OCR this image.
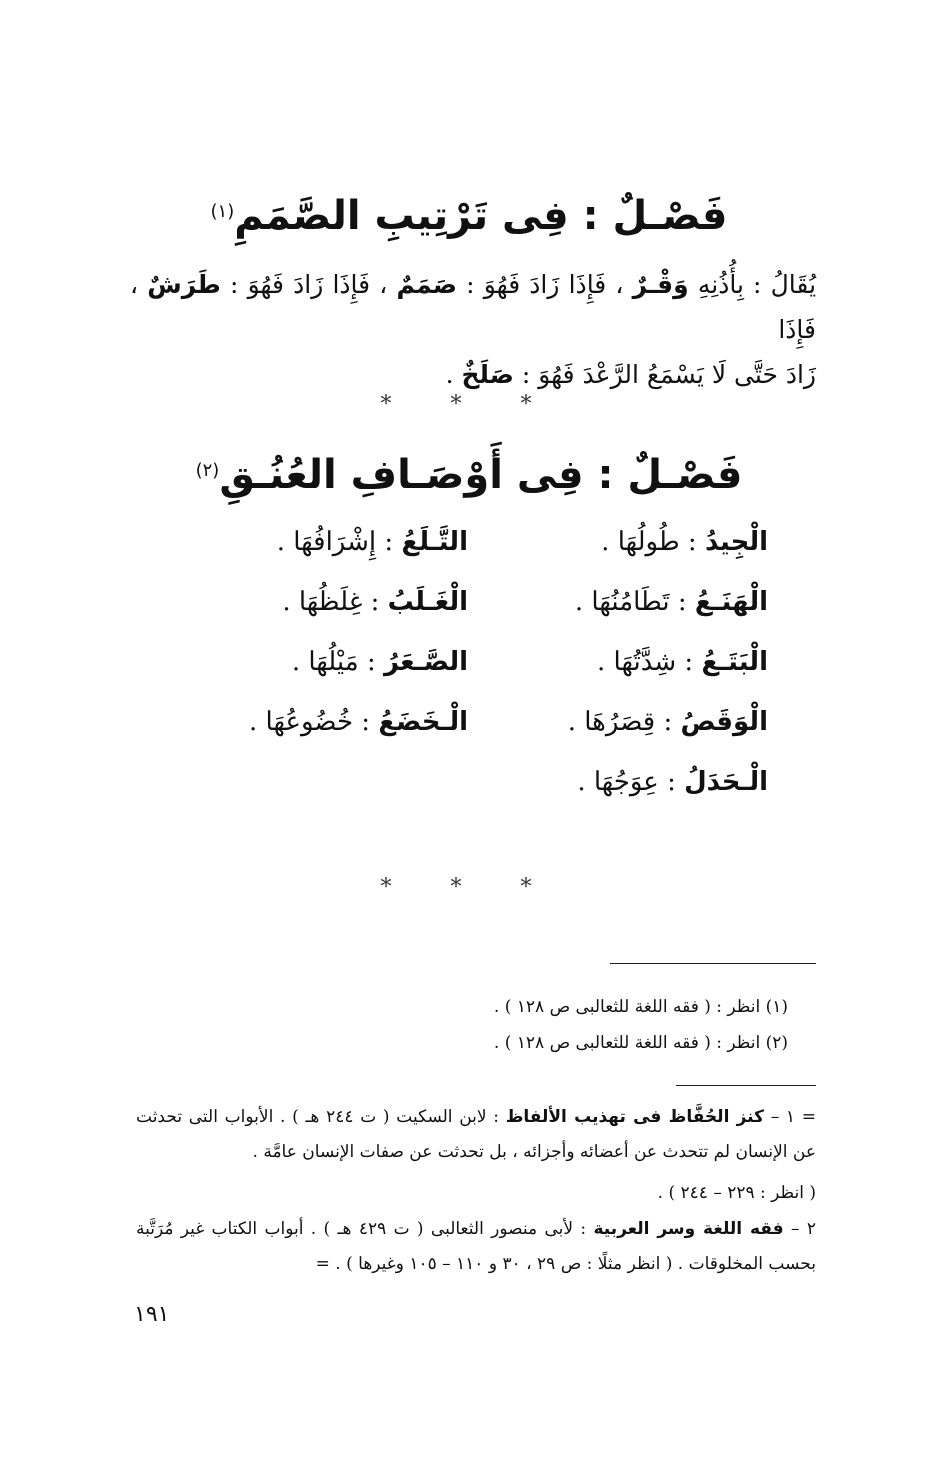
فَصْـلٌ : فِى تَرْتِيبِ الصَّمَمِ$^{(١)}$
يُقَالُ : بِأُذُنِهِ وَقْـرٌ ، فَإِذَا زَادَ فَهُوَ : صَمَمٌ ، فَإِذَا زَادَ فَهُوَ : طَرَشٌ ، فَإِذَا
زَادَ حَتَّى لَا يَسْمَعُ الرَّعْدَ فَهُوَ : صَلَخٌ .
* * *
فَصْـلٌ : فِى أَوْصَـافِ العُنُـقِ$^{(٢)}$
الْجِيدُ : طُولُهَا .
التَّـلَعُ : إِشْرَافُهَا .
الْهَنَـعُ : تَطَامُنُهَا .
الْغَـلَبُ : غِلَظُهَا .
الْبَتَـعُ : شِدَّتُهَا .
الصَّـعَرُ : مَيْلُهَا .
الْوَقَصُ : قِصَرُهَا .
الْـخَضَعُ : خُضُوعُهَا .
الْـحَدَلُ : عِوَجُهَا .
* * *
(١) انظر : ( فقه اللغة للثعالبى ص ١٢٨ ) .
(٢) انظر : ( فقه اللغة للثعالبى ص ١٢٨ ) .
= ١ – كنز الحُفَّاظ فى تهذيب الألفاظ : لابن السكيت ( ت ٢٤٤ هـ ) . الأبواب التى تحدثت عن الإنسان لم تتحدث عن أعضائه وأجزائه ، بل تحدثت عن صفات الإنسان عامَّة .
( انظر : ٢٢٩ – ٢٤٤ ) .
٢ – فقه اللغة وسر العربية : لأبى منصور الثعالبى ( ت ٤٢٩ هـ ) . أبواب الكتاب غير مُرَتَّبة بحسب المخلوقات . ( انظر مثلًا : ص ٢٩ ، ٣٠ و ١١٠ – ١٠٥ وغيرها ) . =
١٩١
